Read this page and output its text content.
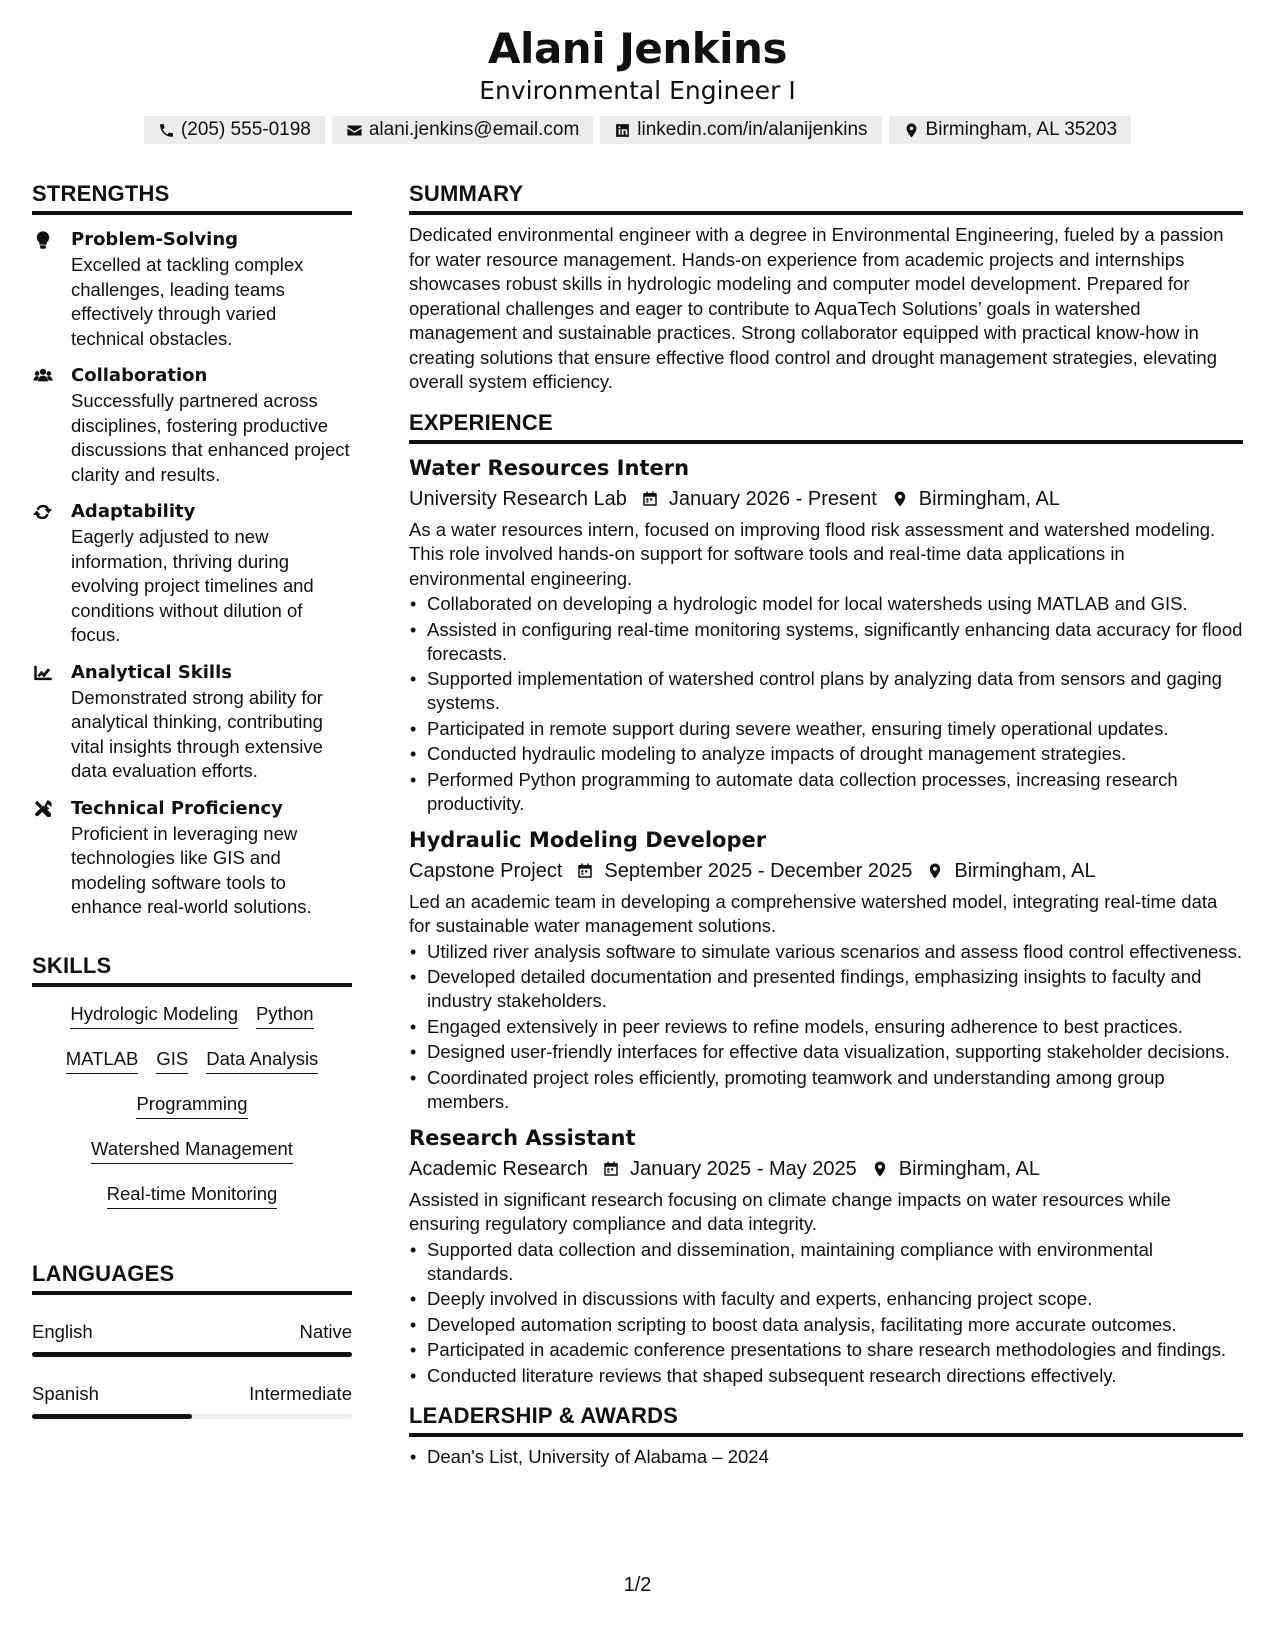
Alani Jenkins
Environmental Engineer I
(205) 555-0198	alani.jenkins@email.com	linkedin.com/in/alanijenkins	Birmingham, AL 35203
STRENGTHS
Problem-Solving
Excelled at tackling complex challenges, leading teams effectively through varied technical obstacles.
Collaboration
Successfully partnered across disciplines, fostering productive discussions that enhanced project clarity and results.
Adaptability
Eagerly adjusted to new information, thriving during evolving project timelines and conditions without dilution of focus.
Analytical Skills
Demonstrated strong ability for analytical thinking, contributing vital insights through extensive data evaluation efforts.
Technical Proficiency
Proficient in leveraging new technologies like GIS and modeling software tools to enhance real-world solutions.
SKILLS
Hydrologic Modeling Python
MATLAB GIS Data Analysis
Programming
Watershed Management
Real-time Monitoring
LANGUAGES
English	Native
Spanish	Intermediate
SUMMARY
Dedicated environmental engineer with a degree in Environmental Engineering, fueled by a passion for water resource management. Hands-on experience from academic projects and internships showcases robust skills in hydrologic modeling and computer model development. Prepared for operational challenges and eager to contribute to AquaTech Solutions’ goals in watershed management and sustainable practices. Strong collaborator equipped with practical know-how in creating solutions that ensure effective flood control and drought management strategies, elevating overall system efficiency.
EXPERIENCE
Water Resources Intern
University Research Lab January 2026 - Present Birmingham, AL
As a water resources intern, focused on improving flood risk assessment and watershed modeling. This role involved hands-on support for software tools and real-time data applications in environmental engineering.
• Collaborated on developing a hydrologic model for local watersheds using MATLAB and GIS.
• Assisted in configuring real-time monitoring systems, significantly enhancing data accuracy for flood forecasts.
• Supported implementation of watershed control plans by analyzing data from sensors and gaging systems.
• Participated in remote support during severe weather, ensuring timely operational updates.
• Conducted hydraulic modeling to analyze impacts of drought management strategies.
• Performed Python programming to automate data collection processes, increasing research productivity.
Hydraulic Modeling Developer
Capstone Project September 2025 - December 2025 Birmingham, AL
Led an academic team in developing a comprehensive watershed model, integrating real-time data for sustainable water management solutions.
• Utilized river analysis software to simulate various scenarios and assess flood control effectiveness.
• Developed detailed documentation and presented findings, emphasizing insights to faculty and industry stakeholders.
• Engaged extensively in peer reviews to refine models, ensuring adherence to best practices.
• Designed user-friendly interfaces for effective data visualization, supporting stakeholder decisions.
• Coordinated project roles efficiently, promoting teamwork and understanding among group members.
Research Assistant
Academic Research January 2025 - May 2025 Birmingham, AL
Assisted in significant research focusing on climate change impacts on water resources while ensuring regulatory compliance and data integrity.
• Supported data collection and dissemination, maintaining compliance with environmental standards.
• Deeply involved in discussions with faculty and experts, enhancing project scope.
• Developed automation scripting to boost data analysis, facilitating more accurate outcomes.
• Participated in academic conference presentations to share research methodologies and findings.
• Conducted literature reviews that shaped subsequent research directions effectively.
LEADERSHIP & AWARDS
• Dean's List, University of Alabama – 2024
1/2
